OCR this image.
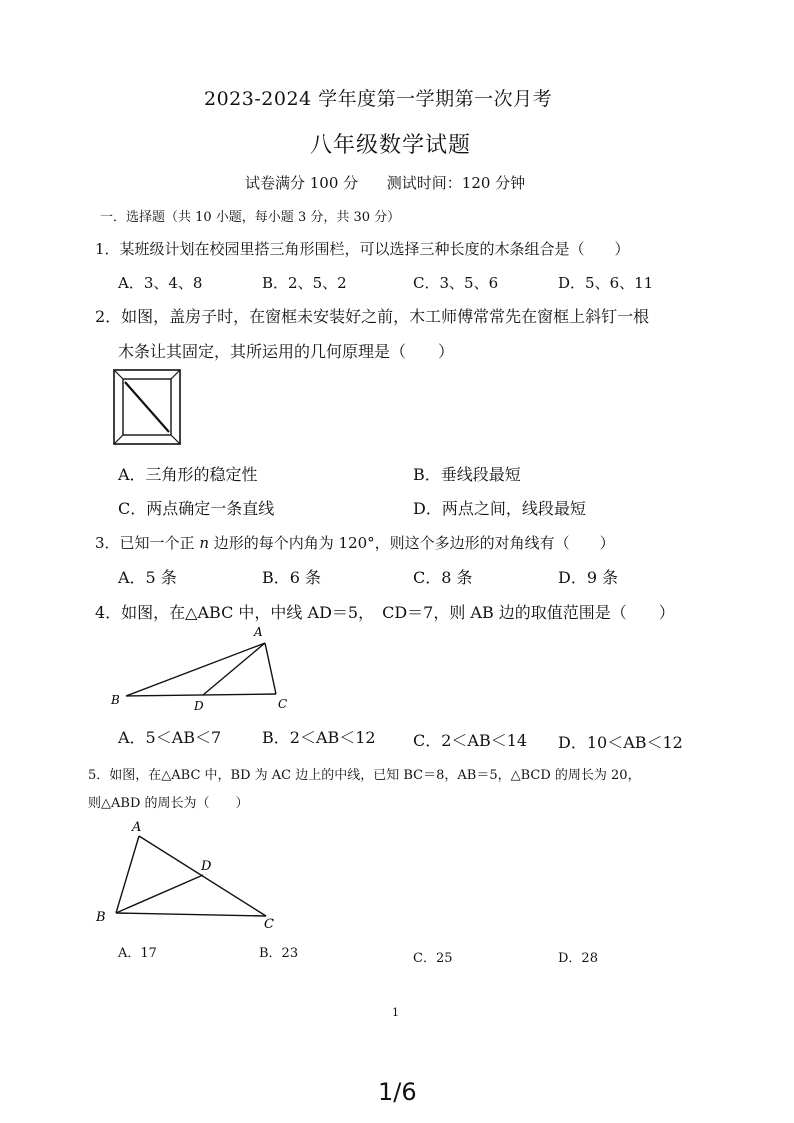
2023-2024 学年度第一学期第一次月考
八年级数学试题
试卷满分 100 分      测试时间：120 分钟
一．选择题（共 10 小题，每小题 3 分，共 30 分）
1．某班级计划在校园里搭三角形围栏，可以选择三种长度的木条组合是（　　）
A．3、4、8	B．2、5、2	C．3、5、6	D．5、6、11
2．如图，盖房子时，在窗框未安装好之前，木工师傅常常先在窗框上斜钉一根
木条让其固定，其所运用的几何原理是（　　）
A．三角形的稳定性	B．垂线段最短
C．两点确定一条直线	D．两点之间，线段最短
3．已知一个正 n 边形的每个内角为 120°，则这个多边形的对角线有（　　）
A．5 条	B．6 条	C．8 条	D．9 条
4．如图，在△ABC 中，中线 AD＝5，　CD＝7，则 AB 边的取值范围是（　　）
A
B	D	C
A．5＜AB＜7	B．2＜AB＜12 C．2＜AB＜14 D．10＜AB＜12
5．如图，在△ABC 中，BD 为 AC 边上的中线，已知 BC＝8，AB＝5，△BCD 的周长为 20，
则△ABD 的周长为（　　）
A
D
B	C
A．17	B．23	C．25	D．28
1
1/6
